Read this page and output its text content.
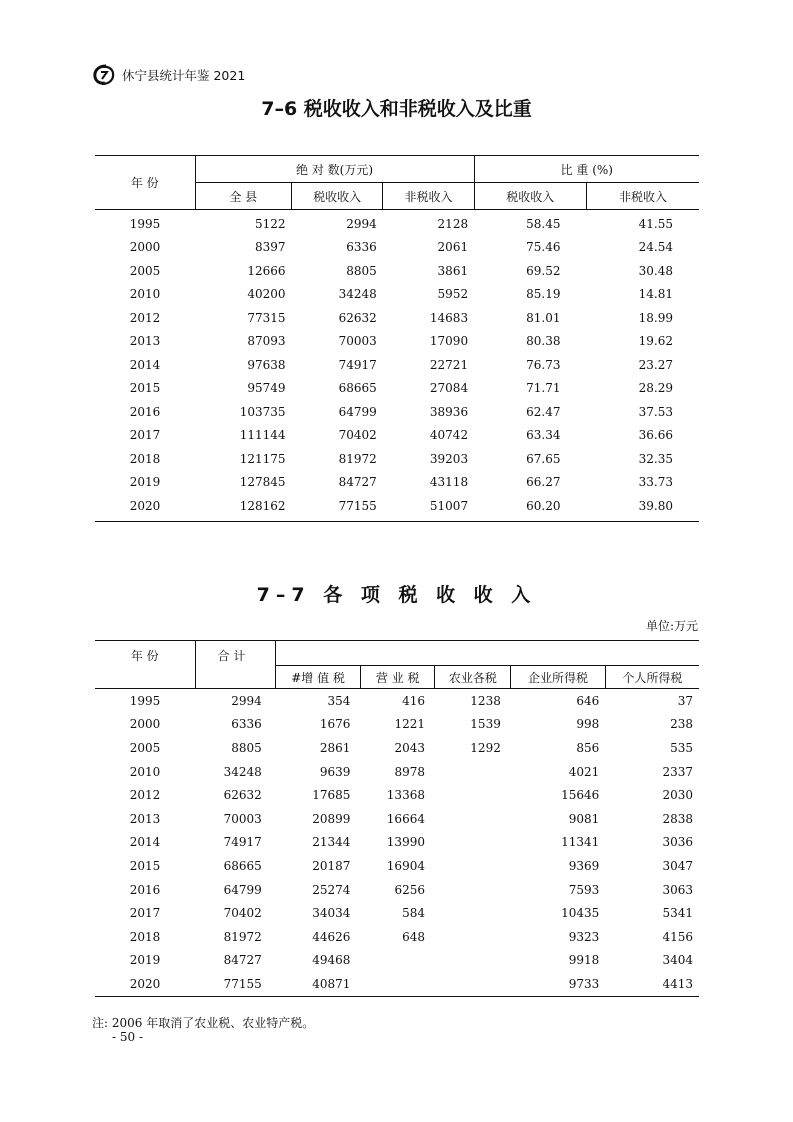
休宁县统计年鉴 2021
7–6 税收收入和非税收入及比重
年 份	绝 对 数(万元)			比 重 (%)	
	全 县	税收收入	非税收入	税收收入	非税收入
1995	5122	2994	2128	58.45	41.55
2000	8397	6336	2061	75.46	24.54
2005	12666	8805	3861	69.52	30.48
2010	40200	34248	5952	85.19	14.81
2012	77315	62632	14683	81.01	18.99
2013	87093	70003	17090	80.38	19.62
2014	97638	74917	22721	76.73	23.27
2015	95749	68665	27084	71.71	28.29
2016	103735	64799	38936	62.47	37.53
2017	111144	70402	40742	63.34	36.66
2018	121175	81972	39203	67.65	32.35
2019	127845	84727	43118	66.27	33.73
2020	128162	77155	51007	60.20	39.80
7–7 各 项 税 收 收 入
单位:万元
年 份	合 计					
		#增 值 税	营 业 税	农业各税	企业所得税	个人所得税
1995	2994	354	416	1238	646	37
2000	6336	1676	1221	1539	998	238
2005	8805	2861	2043	1292	856	535
2010	34248	9639	8978		4021	2337
2012	62632	17685	13368		15646	2030
2013	70003	20899	16664		9081	2838
2014	74917	21344	13990		11341	3036
2015	68665	20187	16904		9369	3047
2016	64799	25274	6256		7593	3063
2017	70402	34034	584		10435	5341
2018	81972	44626	648		9323	4156
2019	84727	49468			9918	3404
2020	77155	40871			9733	4413
注: 2006 年取消了农业税、农业特产税。
- 50 -
